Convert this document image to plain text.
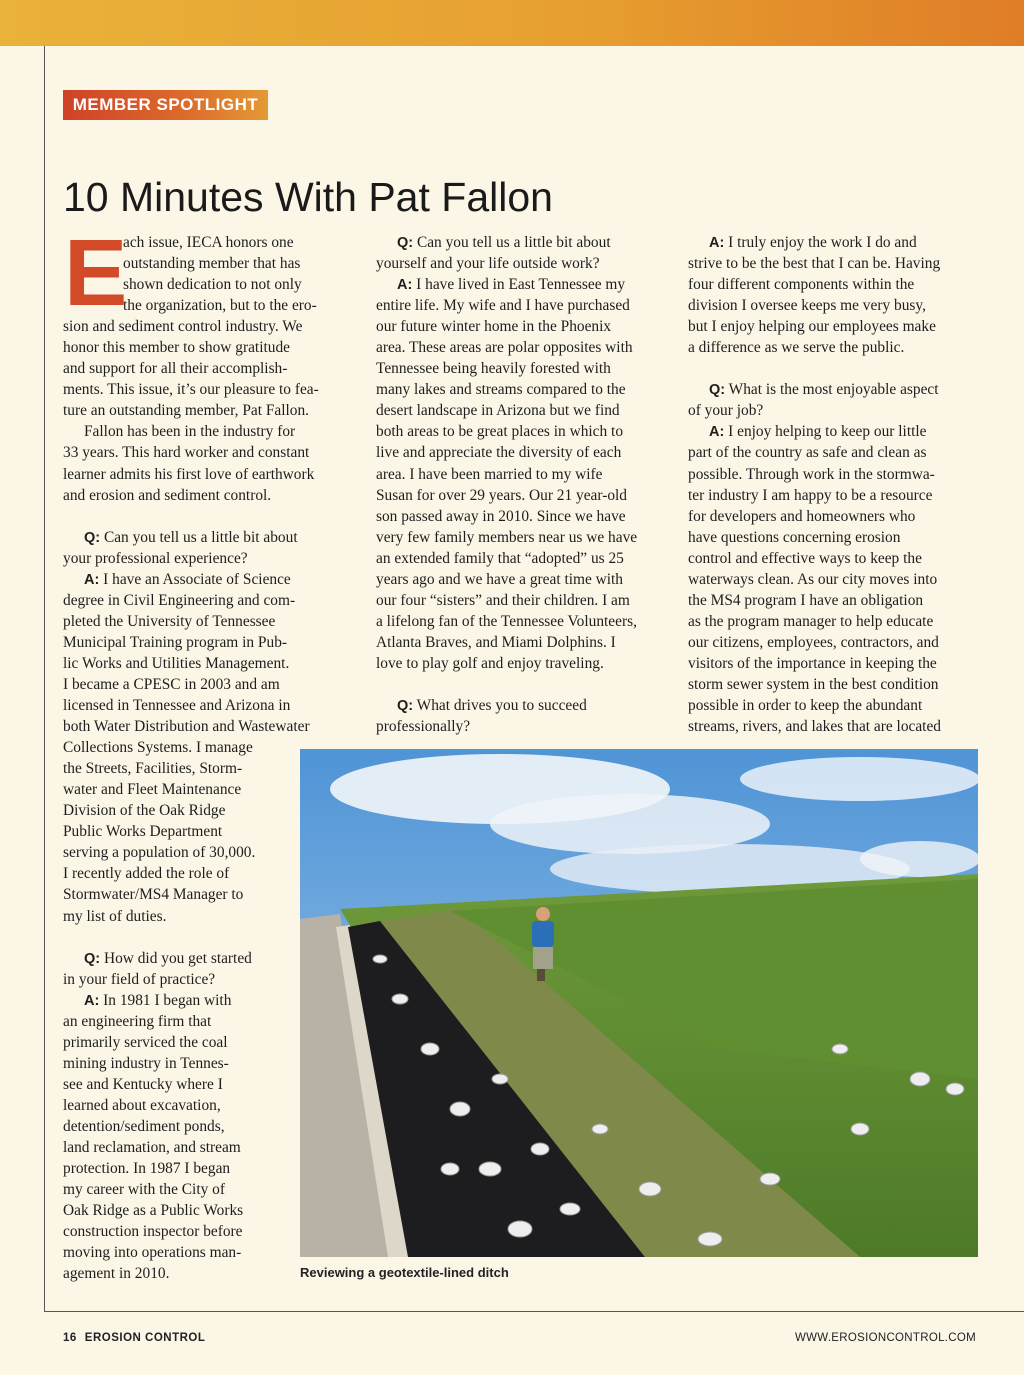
MEMBER SPOTLIGHT
10 Minutes With Pat Fallon
E
ach issue, IECA honors one
outstanding member that has
shown dedication to not only
the organization, but to the ero-
sion and sediment control industry. We
honor this member to show gratitude
and support for all their accomplish-
ments. This issue, it’s our pleasure to fea-
ture an outstanding member, Pat Fallon.
Fallon has been in the industry for
33 years. This hard worker and constant
learner admits his first love of earthwork
and erosion and sediment control.
Q: Can you tell us a little bit about
your professional experience?
A: I have an Associate of Science
degree in Civil Engineering and com-
pleted the University of Tennessee
Municipal Training program in Pub-
lic Works and Utilities Management.
I became a CPESC in 2003 and am
licensed in Tennessee and Arizona in
both Water Distribution and Wastewater
Collections Systems. I manage
the Streets, Facilities, Storm-
water and Fleet Maintenance
Division of the Oak Ridge
Public Works Department
serving a population of 30,000.
I recently added the role of
Stormwater/MS4 Manager to
my list of duties.
Q: How did you get started
in your field of practice?
A: In 1981 I began with
an engineering firm that
primarily serviced the coal
mining industry in Tennes-
see and Kentucky where I
learned about excavation,
detention/sediment ponds,
land reclamation, and stream
protection. In 1987 I began
my career with the City of
Oak Ridge as a Public Works
construction inspector before
moving into operations man-
agement in 2010.
Q: Can you tell us a little bit about
yourself and your life outside work?
A: I have lived in East Tennessee my
entire life. My wife and I have purchased
our future winter home in the Phoenix
area. These areas are polar opposites with
Tennessee being heavily forested with
many lakes and streams compared to the
desert landscape in Arizona but we find
both areas to be great places in which to
live and appreciate the diversity of each
area. I have been married to my wife
Susan for over 29 years. Our 21 year-old
son passed away in 2010. Since we have
very few family members near us we have
an extended family that “adopted” us 25
years ago and we have a great time with
our four “sisters” and their children. I am
a lifelong fan of the Tennessee Volunteers,
Atlanta Braves, and Miami Dolphins. I
love to play golf and enjoy traveling.
Q: What drives you to succeed
professionally?
A: I truly enjoy the work I do and
strive to be the best that I can be. Having
four different components within the
division I oversee keeps me very busy,
but I enjoy helping our employees make
a difference as we serve the public.
Q: What is the most enjoyable aspect
of your job?
A: I enjoy helping to keep our little
part of the country as safe and clean as
possible. Through work in the stormwa-
ter industry I am happy to be a resource
for developers and homeowners who
have questions concerning erosion
control and effective ways to keep the
waterways clean. As our city moves into
the MS4 program I have an obligation
as the program manager to help educate
our citizens, employees, contractors, and
visitors of the importance in keeping the
storm sewer system in the best condition
possible in order to keep the abundant
streams, rivers, and lakes that are located
Reviewing a geotextile-lined ditch
16 EROSION CONTROL	WWW.EROSIONCONTROL.COM
